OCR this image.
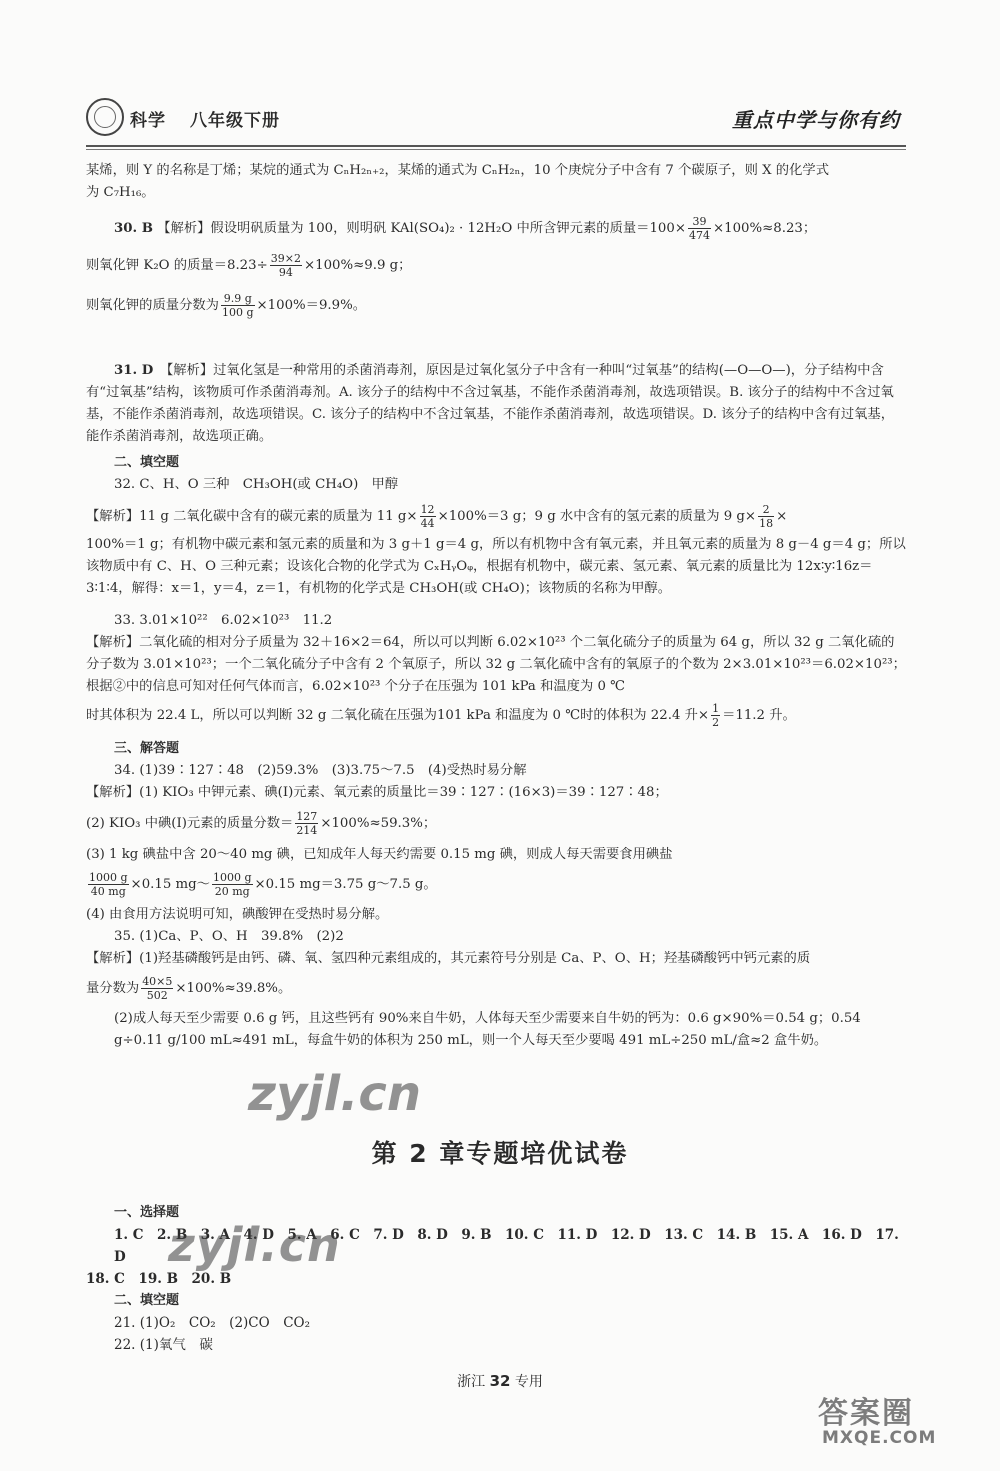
科学 八年级下册	重点中学与你有约

某烯，则 Y 的名称是丁烯；某烷的通式为 CₙH₂ₙ₊₂，某烯的通式为 CₙH₂ₙ，10 个庚烷分子中含有 7 个碳原子，则 X 的化学式

为 C₇H₁₆。

30. B 【解析】假设明矾质量为 100，则明矾 KAl(SO₄)₂ · 12H₂O 中所含钾元素的质量$=100\times \frac{39}{474} \times 100\%\approx 8.23$；

则氧化钾 K₂O 的质量$=8.23\div \frac{39\times 2}{94} \times 100\%\approx 9.9$ g；

则氧化钾的质量分数为 $\frac{9.9 g}{100 g} \times 100\%=9.9\%$。

31. D　 【解析】过氧化氢是一种常用的杀菌消毒剂，原因是过氧化氢分子中含有一种叫“过氧基”的结构(—O—O—)，分子结构中含有“过氧基”结构，该物质可作杀菌消毒剂。A. 该分子的结构中不含过氧基，不能作杀菌消毒剂，故选项错误。B. 该分子的结构中不含过氧基，不能作杀菌消毒剂，故选项错误。C. 该分子的结构中不含过氧基，不能作杀菌消毒剂，故选项错误。D. 该分子的结构中含有过氧基，能作杀菌消毒剂，故选项正确。

二、填空题

32. C、H、O 三种　CH₃OH(或 CH₄O)　甲醇

【解析】11 g 二氧化碳中含有的碳元素的质量为 11 $g\times \frac{12}{44} \times 100\%=3$ g；9 g 水中含有的氢元素的质量为 9 $g\times \frac{2}{18}$ ×

100%＝1 g；有机物中碳元素和氢元素的质量和为 3 g＋1 g＝4 g，所以有机物中含有氧元素，并且氧元素的质量为 8 g－4 g＝4 g；所以该物质中有 C、H、O 三种元素；设该化合物的化学式为 CₓHᵧOᵩ，根据有机物中，碳元素、氢元素、氧元素的质量比为 12x∶y∶16z＝3∶1∶4，解得：x＝1，y＝4，z＝1，有机物的化学式是 CH₃OH(或 CH₄O)；该物质的名称为甲醇。

33. 3.01×10²²　6.02×10²³　11.2

【解析】二氧化硫的相对分子质量为 32＋16×2＝64，所以可以判断 6.02×10²³ 个二氧化硫分子的质量为 64 g，所以 32 g 二氧化硫的分子数为 3.01×10²³；一个二氧化硫分子中含有 2 个氧原子，所以 32 g 二氧化硫中含有的氧原子的个数为 2×3.01×10²³＝6.02×10²³；根据②中的信息可知对任何气体而言，6.02×10²³ 个分子在压强为 101 kPa 和温度为 0 ℃

时其体积为 22.4 L，所以可以判断 32 g 二氧化硫在压强为101 kPa 和温度为 0 ℃时的体积为 22.4 升× $\frac{1}{2} =11.2$ 升。

三、解答题

34. (1)39∶127∶48　(2)59.3%　(3)3.75～7.5　(4)受热时易分解

【解析】(1) KIO₃ 中钾元素、碘(I)元素、氧元素的质量比＝39∶127∶(16×3)＝39∶127∶48；

(2) KIO₃ 中碘(I)元素的质量分数＝ $\frac{127}{214} \times 100\%\approx 59.3\%$；

(3) 1 kg 碘盐中含 20～40 mg 碘，已知成年人每天约需要 0.15 mg 碘，则成人每天需要食用碘盐

$\frac{1000 g}{40 mg} \times 0.15$ mg～ $\frac{1000 g}{20 mg} \times 0.15$ mg＝3.75 g～7.5 g。

(4) 由食用方法说明可知，碘酸钾在受热时易分解。

35. (1)Ca、P、O、H　39.8%　(2)2

【解析】(1)羟基磷酸钙是由钙、磷、氧、氢四种元素组成的，其元素符号分别是 Ca、P、O、H；羟基磷酸钙中钙元素的质

量分数为 $\frac{40\times 5}{502} \times 100\%\approx 39.8\%$。

(2)成人每天至少需要 0.6 g 钙，且这些钙有 90%来自牛奶，人体每天至少需要来自牛奶的钙为：0.6 g×90%＝0.54 g；0.54 g÷0.11 g/100 mL≈491 mL，每盒牛奶的体积为 250 mL，则一个人每天至少要喝 491 mL÷250 mL/盒≈2 盒牛奶。

第 2 章专题培优试卷

一、选择题

1. C　2. B　3. A　4. D　5. A　6. C　7. D　8. D　9. B　10. C　11. D　12. D　13. C　14. B　15. A　16. D　17. D

18. C　19. B　20. B

二、填空题

21. (1)O₂　CO₂　(2)CO　CO₂

22. (1)氧气　碳

zyjl.cn
zyjl.cn
答案圈
MXQE.COM
浙江 32 专用
